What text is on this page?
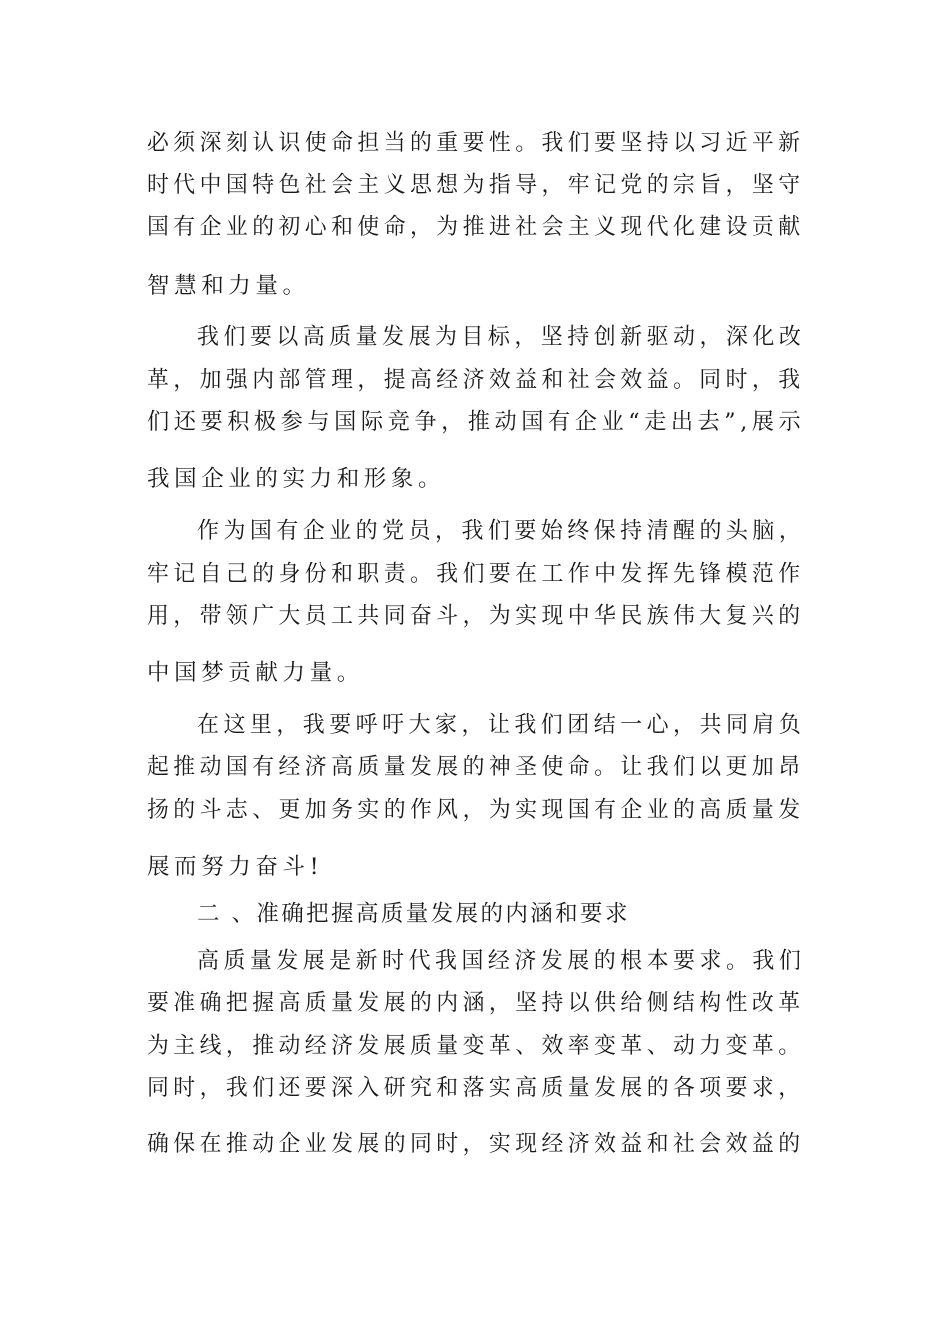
必须深刻认识使命担当的重要性。我们要坚持以习近平新
时代中国特色社会主义思想为指导，牢记党的宗旨，坚守
国有企业的初心和使命，为推进社会主义现代化建设贡献
智慧和力量。
我们要以高质量发展为目标，坚持创新驱动，深化改
革，加强内部管理，提高经济效益和社会效益。同时，我
们还要积极参与国际竞争，推动国有企业“走出去”,展示
我国企业的实力和形象。
作为国有企业的党员，我们要始终保持清醒的头脑，
牢记自己的身份和职责。我们要在工作中发挥先锋模范作
用，带领广大员工共同奋斗，为实现中华民族伟大复兴的
中国梦贡献力量。
在这里，我要呼吁大家，让我们团结一心，共同肩负
起推动国有经济高质量发展的神圣使命。让我们以更加昂
扬的斗志、更加务实的作风，为实现国有企业的高质量发
展而努力奋斗!
二 、准确把握高质量发展的内涵和要求
高质量发展是新时代我国经济发展的根本要求。我们
要准确把握高质量发展的内涵，坚持以供给侧结构性改革
为主线，推动经济发展质量变革、效率变革、动力变革。
同时，我们还要深入研究和落实高质量发展的各项要求，
确保在推动企业发展的同时，实现经济效益和社会效益的
